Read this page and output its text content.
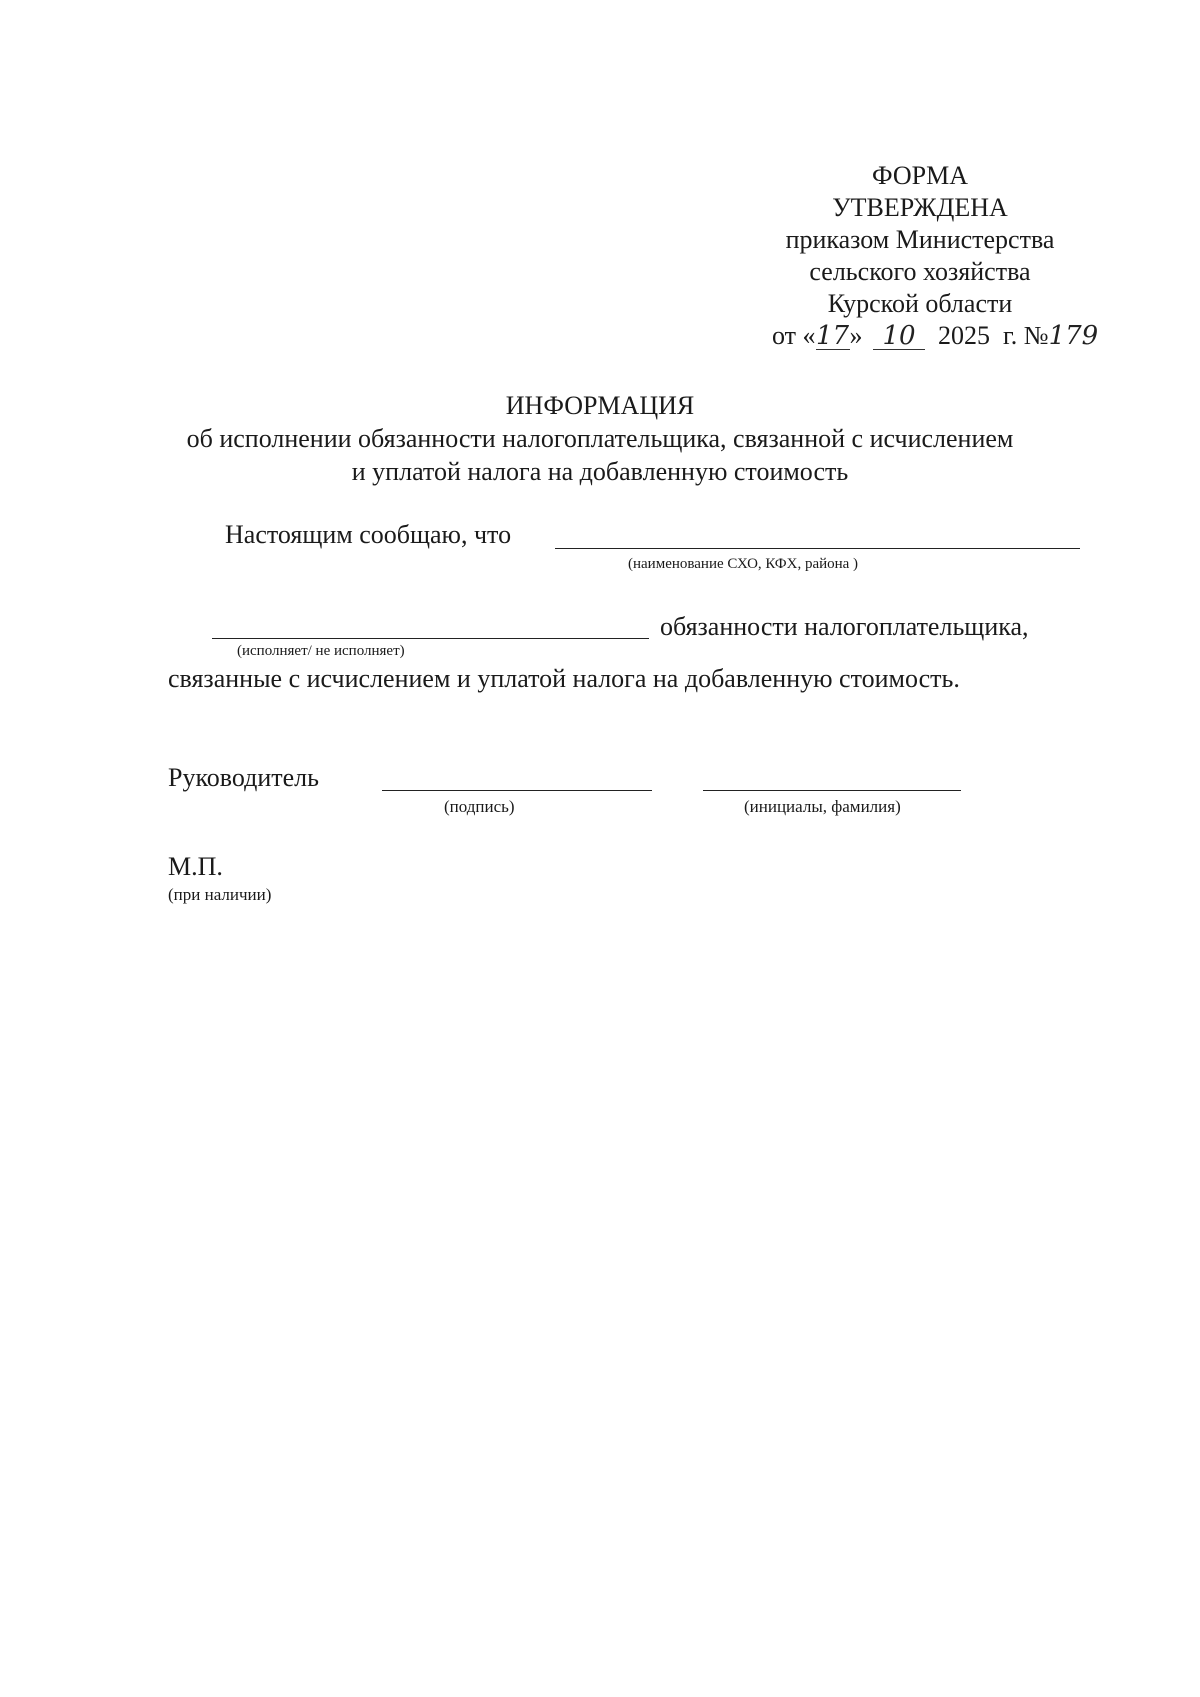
ФОРМА
УТВЕРЖДЕНА
приказом Министерства
сельского хозяйства
Курской области
от «17» 10 2025 г. №179
ИНФОРМАЦИЯ
об исполнении обязанности налогоплательщика, связанной с исчислением
и уплатой налога на добавленную стоимость
Настоящим сообщаю, что
(наименование СХО, КФХ, района )
обязанности налогоплательщика,
(исполняет/ не исполняет)
связанные с исчислением и уплатой налога на добавленную стоимость.
Руководитель
(подпись)	(инициалы, фамилия)
М.П.
(при наличии)
